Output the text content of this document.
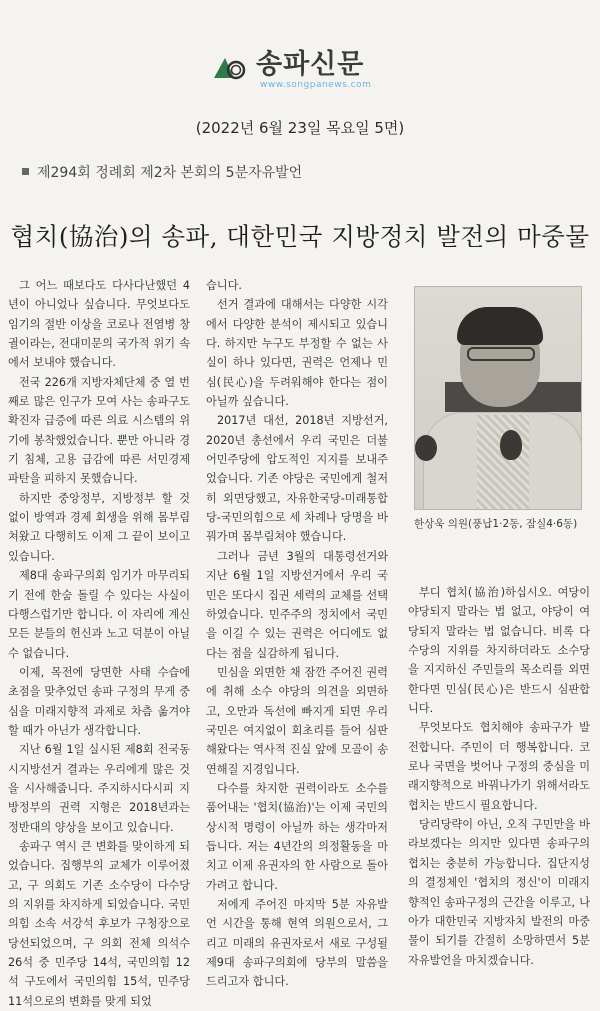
송파신문
www.songpanews.com
(2022년 6월 23일 목요일 5면)
제294회 정례회 제2차 본회의 5분자유발언
협치(協治)의 송파, 대한민국 지방정치 발전의 마중물

그 어느 때보다도 다사다난했던 4년이 아니었나 싶습니다. 무엇보다도 임기의 절반 이상을 코로나 전염병 창궐이라는, 전대미문의 국가적 위기 속에서 보내야 했습니다.

전국 226개 지방자체단체 중 열 번째로 많은 인구가 모여 사는 송파구도 확진자 급증에 따른 의료 시스템의 위기에 봉착했었습니다. 뿐만 아니라 경기 침체, 고용 급감에 따른 서민경제 파탄을 피하지 못했습니다.

하지만 중앙정부, 지방정부 할 것 없이 방역과 경제 회생을 위해 몸부림쳐왔고 다행히도 이제 그 끝이 보이고 있습니다.

제8대 송파구의회 임기가 마무리되기 전에 한숨 돌릴 수 있다는 사실이 다행스럽기만 합니다. 이 자리에 계신 모든 분들의 헌신과 노고 덕분이 아닐 수 없습니다.

이제, 목전에 당면한 사태 수습에 초점을 맞추었던 송파 구정의 무게 중심을 미래지향적 과제로 차츰 옮겨야 할 때가 아닌가 생각합니다.

지난 6월 1일 실시된 제8회 전국동시지방선거 결과는 우리에게 많은 것을 시사해줍니다. 주지하시다시피 지방정부의 권력 지형은 2018년과는 정반대의 양상을 보이고 있습니다.

송파구 역시 큰 변화를 맞이하게 되었습니다. 집행부의 교체가 이루어졌고, 구 의회도 기존 소수당이 다수당의 지위를 차지하게 되었습니다. 국민의힘 소속 서강석 후보가 구청장으로 당선되었으며, 구 의회 전체 의석수 26석 중 민주당 14석, 국민의힘 12석 구도에서 국민의힘 15석, 민주당 11석으로의 변화를 맞게 되었

습니다.

선거 결과에 대해서는 다양한 시각에서 다양한 분석이 제시되고 있습니다. 하지만 누구도 부정할 수 없는 사실이 하나 있다면, 권력은 언제나 민심(民心)을 두려워해야 한다는 점이 아닐까 싶습니다.

2017년 대선, 2018년 지방선거, 2020년 총선에서 우리 국민은 더불어민주당에 압도적인 지지를 보내주었습니다. 기존 야당은 국민에게 철저히 외면당했고, 자유한국당-미래통합당-국민의힘으로 세 차례나 당명을 바꿔가며 몸부림쳐야 했습니다.

그러나 금년 3월의 대통령선거와 지난 6월 1일 지방선거에서 우리 국민은 또다시 집권 세력의 교체를 선택하였습니다. 민주주의 정치에서 국민을 이길 수 있는 권력은 어디에도 없다는 점을 실감하게 됩니다.

민심을 외면한 채 잠깐 주어진 권력에 취해 소수 야당의 의견을 외면하고, 오만과 독선에 빠지게 되면 우리 국민은 여지없이 회초리를 들어 심판해왔다는 역사적 진실 앞에 모골이 송연해질 지경입니다.

다수를 차지한 권력이라도 소수를 품어내는 '협치(協治)'는 이제 국민의 상시적 명령이 아닐까 하는 생각마저 듭니다. 저는 4년간의 의정활동을 마치고 이제 유권자의 한 사람으로 돌아가려고 합니다.

저에게 주어진 마지막 5분 자유발언 시간을 통해 현역 의원으로서, 그리고 미래의 유권자로서 새로 구성될 제9대 송파구의회에 당부의 말씀을 드리고자 합니다.

한상욱 의원(풍납1·2동, 잠실4·6동)

부디 협치(協治)하십시오. 여당이 야당되지 말라는 법 없고, 야당이 여당되지 말라는 법 없습니다. 비록 다수당의 지위를 차지하더라도 소수당을 지지하신 주민들의 목소리를 외면한다면 민심(民心)은 반드시 심판합니다.

무엇보다도 협치해야 송파구가 발전합니다. 주민이 더 행복합니다. 코로나 국면을 벗어나 구정의 중심을 미래지향적으로 바꿔나가기 위해서라도 협치는 반드시 필요합니다.

당리당략이 아닌, 오직 구민만을 바라보겠다는 의지만 있다면 송파구의 협치는 충분히 가능합니다. 집단지성의 결정체인 '협치의 정신'이 미래지향적인 송파구정의 근간을 이루고, 나아가 대한민국 지방자치 발전의 마중물이 되기를 간절히 소망하면서 5분 자유발언을 마치겠습니다.
